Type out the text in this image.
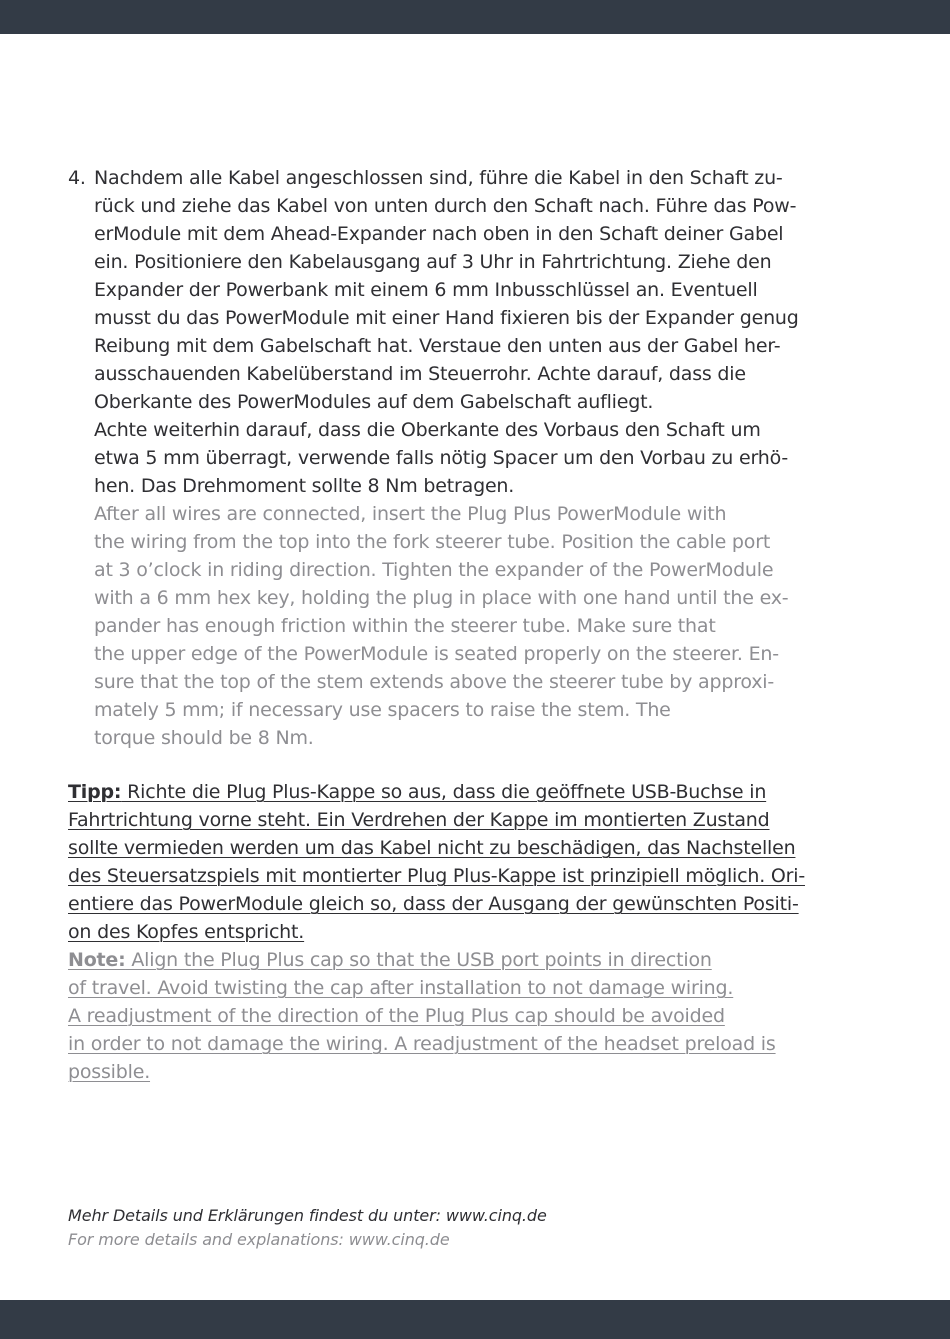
4. Nachdem alle Kabel angeschlossen sind, führe die Kabel in den Schaft zu-
rück und ziehe das Kabel von unten durch den Schaft nach. Führe das Pow-
erModule mit dem Ahead-Expander nach oben in den Schaft deiner Gabel
ein. Positioniere den Kabelausgang auf 3 Uhr in Fahrtrichtung. Ziehe den
Expander der Powerbank mit einem 6 mm Inbusschlüssel an. Eventuell
musst du das PowerModule mit einer Hand fixieren bis der Expander genug
Reibung mit dem Gabelschaft hat. Verstaue den unten aus der Gabel her-
ausschauenden Kabelüberstand im Steuerrohr. Achte darauf, dass die
Oberkante des PowerModules auf dem Gabelschaft aufliegt.
Achte weiterhin darauf, dass die Oberkante des Vorbaus den Schaft um
etwa 5 mm überragt, verwende falls nötig Spacer um den Vorbau zu erhö-
hen. Das Drehmoment sollte 8 Nm betragen.
After all wires are connected, insert the Plug Plus PowerModule with
the wiring from the top into the fork steerer tube. Position the cable port
at 3 o’clock in riding direction. Tighten the expander of the PowerModule
with a 6 mm hex key, holding the plug in place with one hand until the ex-
pander has enough friction within the steerer tube. Make sure that
the upper edge of the PowerModule is seated properly on the steerer. En-
sure that the top of the stem extends above the steerer tube by approxi-
mately 5 mm; if necessary use spacers to raise the stem. The
torque should be 8 Nm.
Tipp: Richte die Plug Plus-Kappe so aus, dass die geöffnete USB-Buchse in
Fahrtrichtung vorne steht. Ein Verdrehen der Kappe im montierten Zustand
sollte vermieden werden um das Kabel nicht zu beschädigen, das Nachstellen
des Steuersatzspiels mit montierter Plug Plus-Kappe ist prinzipiell möglich. Ori-
entiere das PowerModule gleich so, dass der Ausgang der gewünschten Positi-
on des Kopfes entspricht.
Note: Align the Plug Plus cap so that the USB port points in direction
of travel. Avoid twisting the cap after installation to not damage wiring.
A readjustment of the direction of the Plug Plus cap should be avoided
in order to not damage the wiring. A readjustment of the headset preload is
possible.
Mehr Details und Erklärungen findest du unter: www.cinq.de
For more details and explanations: www.cinq.de
